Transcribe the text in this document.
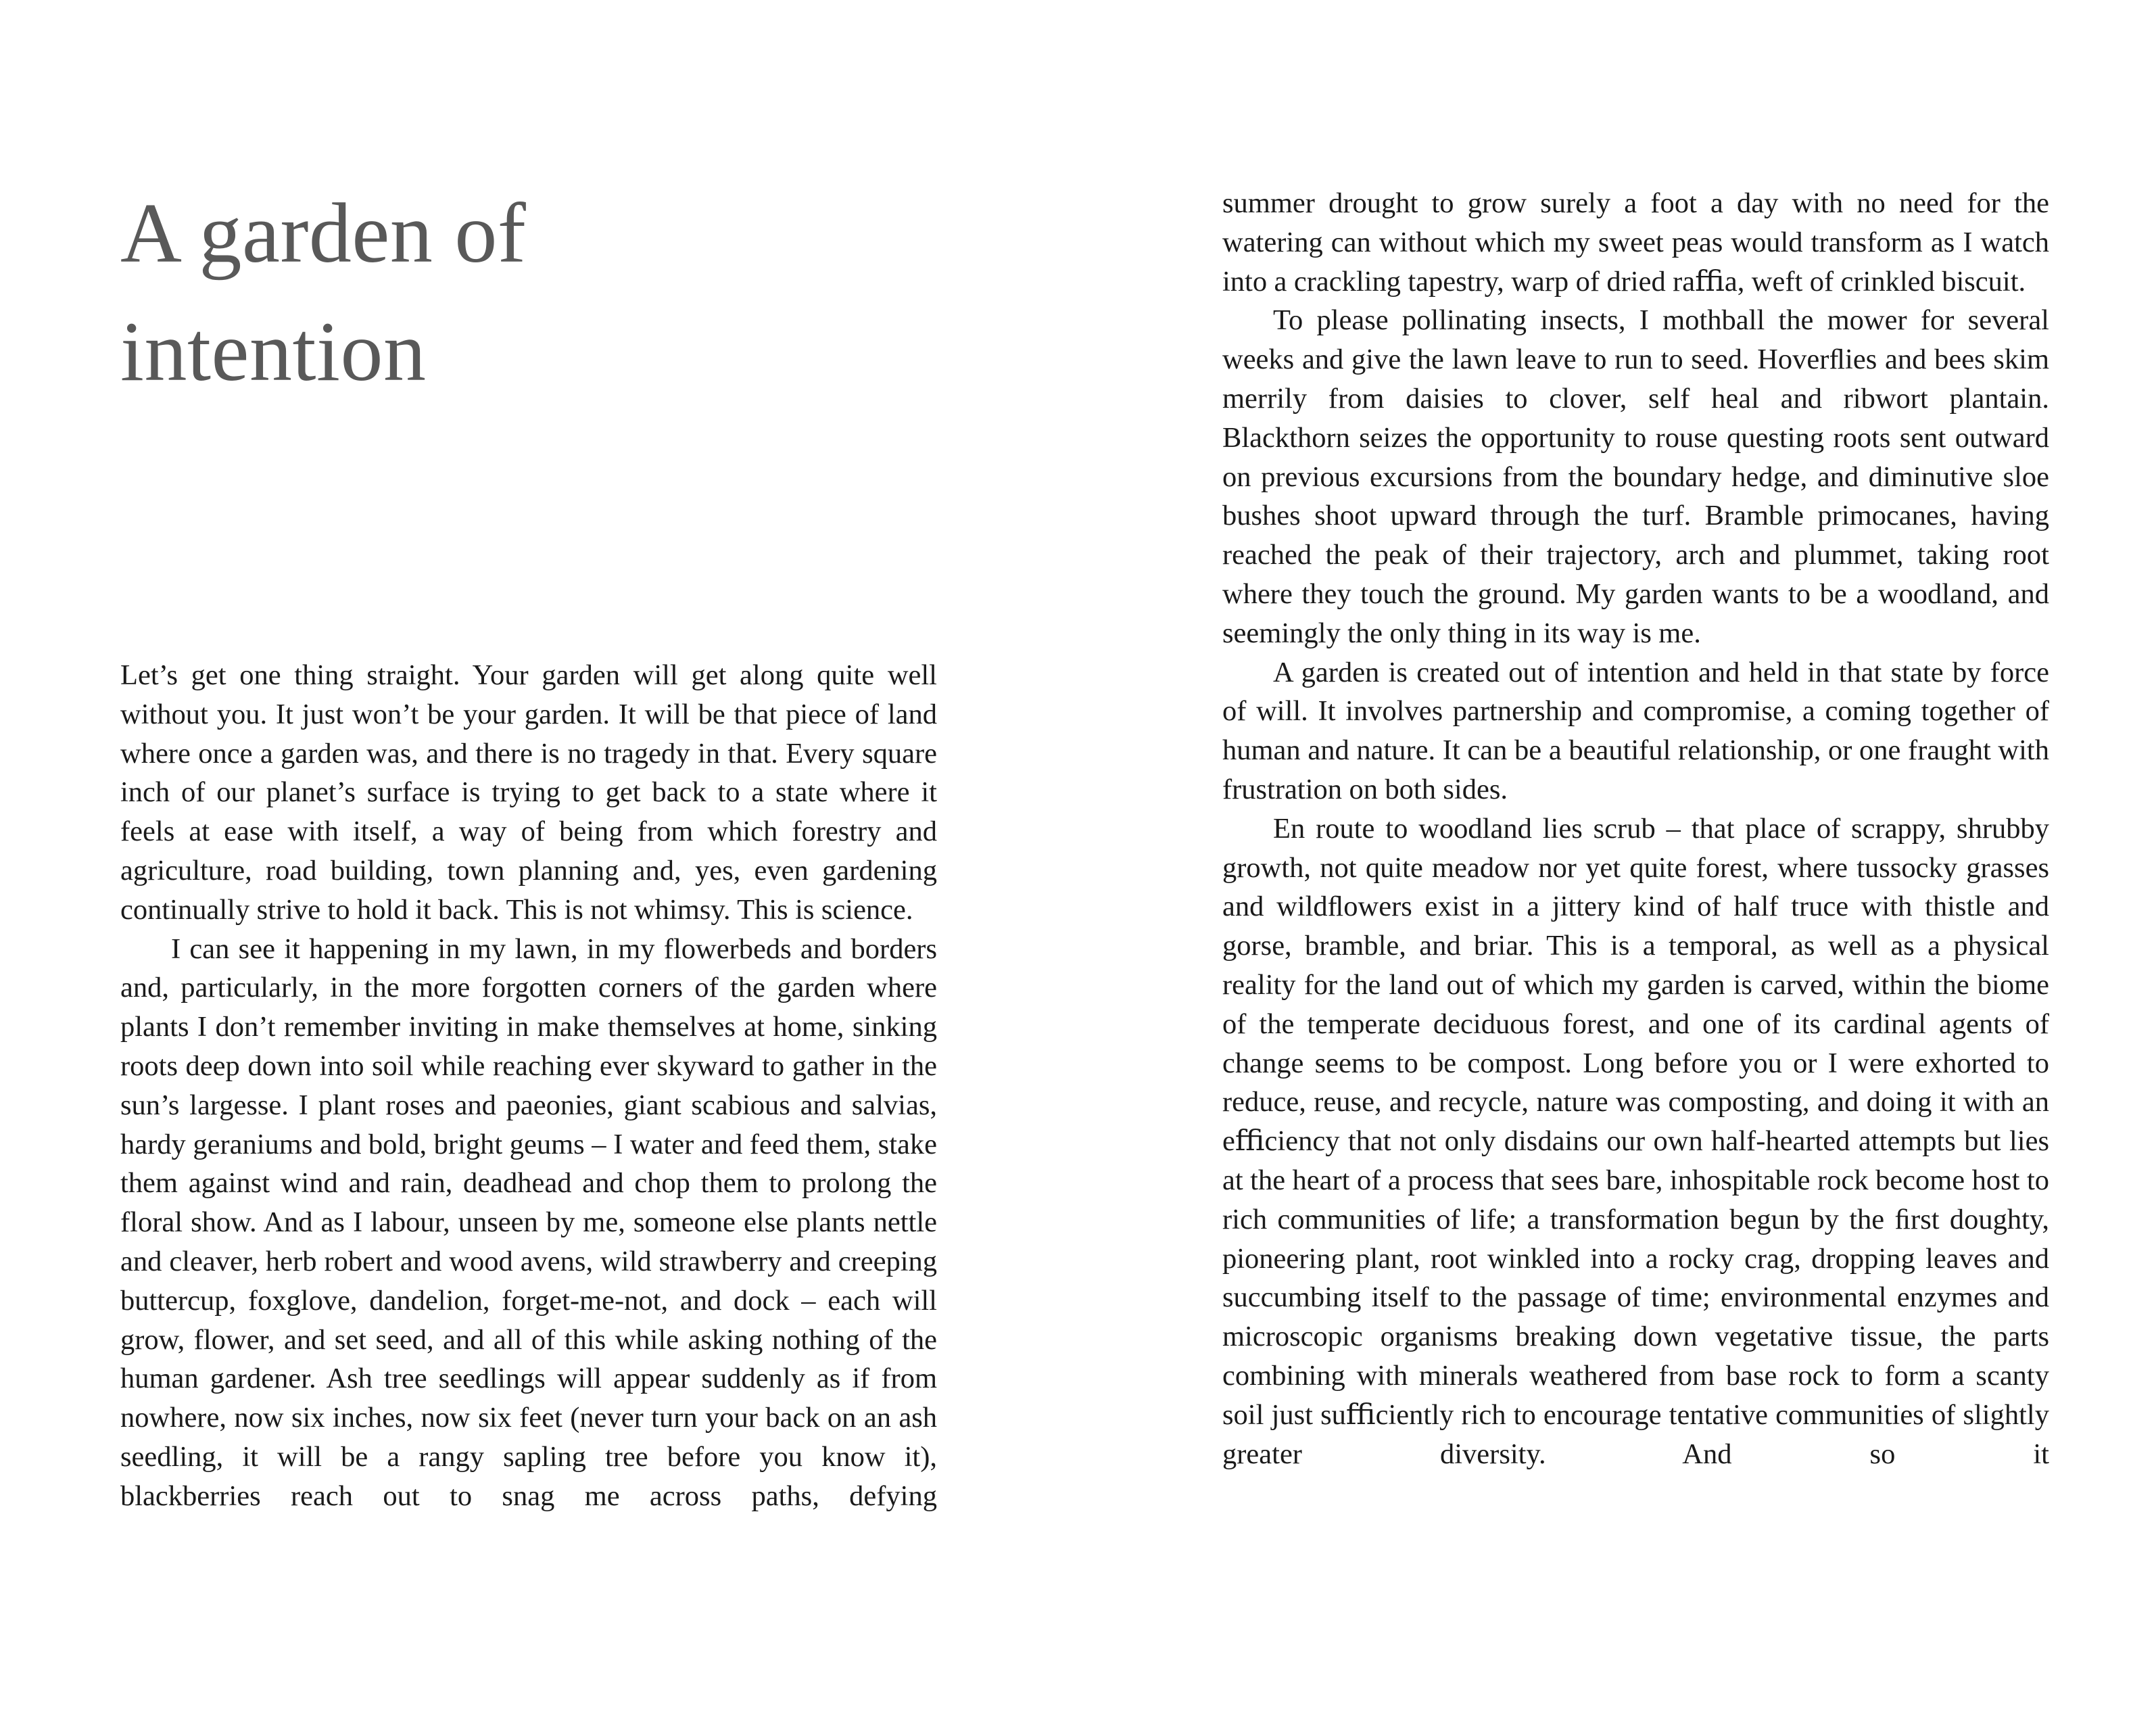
A garden of
intention

Let’s get one thing straight. Your garden will get along quite well without you. It just won’t be your garden. It will be that piece of land where once a garden was, and there is no tragedy in that. Every square inch of our planet’s surface is trying to get back to a state where it feels at ease with itself, a way of being from which forestry and agriculture, road building, town planning and, yes, even gardening continually strive to hold it back. This is not whimsy. This is science.

I can see it happening in my lawn, in my flowerbeds and borders and, particularly, in the more forgotten corners of the garden where plants I don’t remember inviting in make themselves at home, sinking roots deep down into soil while reaching ever skyward to gather in the sun’s largesse. I plant roses and paeonies, giant scabious and salvias, hardy geraniums and bold, bright geums – I water and feed them, stake them against wind and rain, deadhead and chop them to prolong the floral show. And as I labour, unseen by me, someone else plants nettle and cleaver, herb robert and wood avens, wild strawberry and creeping buttercup, foxglove, dandelion, forget-me-not, and dock – each will grow, flower, and set seed, and all of this while asking nothing of the human gardener. Ash tree seedlings will appear suddenly as if from nowhere, now six inches, now six feet (never turn your back on an ash seedling, it will be a rangy sapling tree before you know it), blackberries reach out to snag me across paths, defying

summer drought to grow surely a foot a day with no need for the watering can without which my sweet peas would transform as I watch into a crackling tapestry, warp of dried raﬃa, weft of crinkled biscuit.

To please pollinating insects, I mothball the mower for several weeks and give the lawn leave to run to seed. Hoverﬂies and bees skim merrily from daisies to clover, self heal and ribwort plantain. Blackthorn seizes the opportunity to rouse questing roots sent outward on previous excursions from the boundary hedge, and diminutive sloe bushes shoot upward through the turf. Bramble primocanes, having reached the peak of their trajectory, arch and plummet, taking root where they touch the ground. My garden wants to be a woodland, and seemingly the only thing in its way is me.

A garden is created out of intention and held in that state by force of will. It involves partnership and compromise, a coming together of human and nature. It can be a beautiful relationship, or one fraught with frustration on both sides.

En route to woodland lies scrub – that place of scrappy, shrubby growth, not quite meadow nor yet quite forest, where tussocky grasses and wildﬂowers exist in a jittery kind of half truce with thistle and gorse, bramble, and briar. This is a temporal, as well as a physical reality for the land out of which my garden is carved, within the biome of the temperate deciduous forest, and one of its cardinal agents of change seems to be compost. Long before you or I were exhorted to reduce, reuse, and recycle, nature was composting, and doing it with an eﬃciency that not only disdains our own half-hearted attempts but lies at the heart of a process that sees bare, inhospitable rock become host to rich communities of life; a transformation begun by the ﬁrst doughty, pioneering plant, root winkled into a rocky crag, dropping leaves and succumbing itself to the passage of time; environmental enzymes and microscopic organisms breaking down vegetative tissue, the parts combining with minerals weathered from base rock to form a scanty soil just suﬃciently rich to encourage tentative communities of slightly greater diversity. And so it
